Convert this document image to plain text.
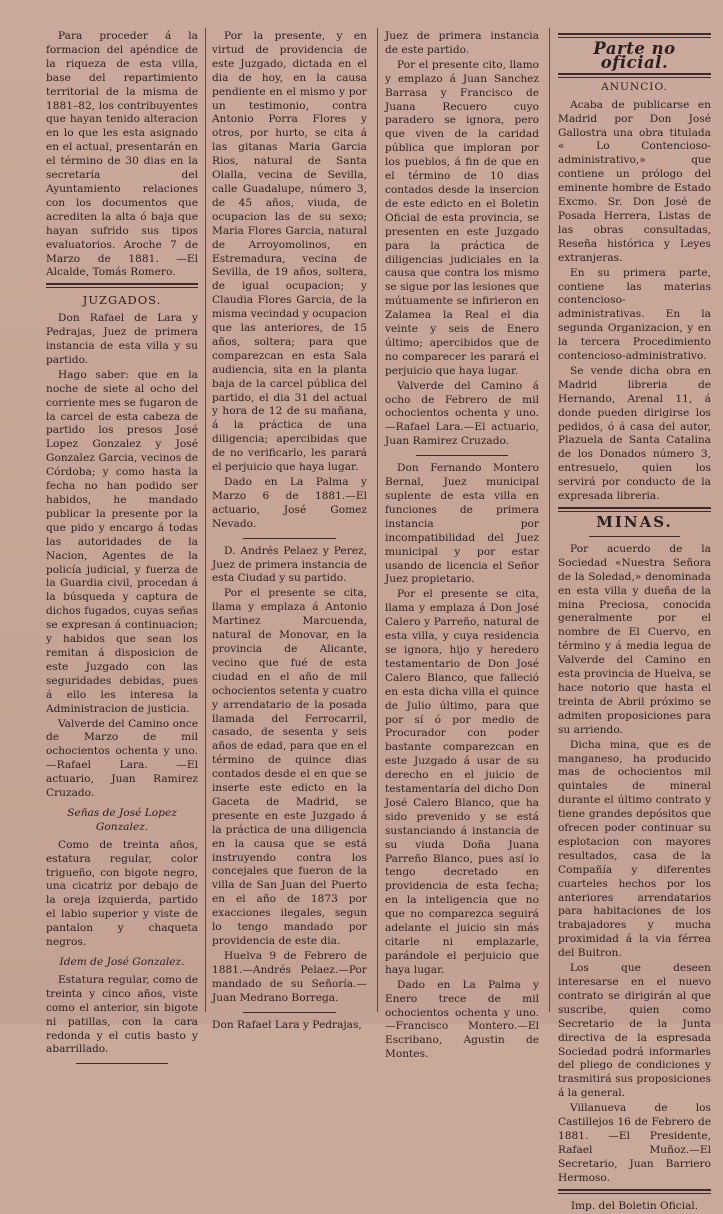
Para proceder á la formacion del apéndice de la riqueza de esta villa, base del repartimiento territorial de la misma de 1881–82, los contribuyentes que hayan tenido alteracion en lo que les esta asignado en el actual, presentarán en el término de 30 dias en la secretaría del Ayuntamiento relaciones con los documentos que acrediten la alta ó baja que hayan sufrido sus tipos evaluatorios. Aroche 7 de Marzo de 1881. —El Alcalde, Tomás Romero.

JUZGADOS.

Don Rafael de Lara y Pedrajas, Juez de primera instancia de esta villa y su partido.

Hago saber: que en la noche de siete al ocho del corriente mes se fugaron de la carcel de esta cabeza de partido los presos José Lopez Gonzalez y José Gonzalez Garcia, vecinos de Córdoba; y como hasta la fecha no han podido ser habidos, he mandado publicar la presente por la que pido y encargo á todas las autoridades de la Nacion, Agentes de la policía judicial, y fuerza de la Guardia civil, procedan á la búsqueda y captura de dichos fugados, cuyas señas se expresan á continuacion; y habidos que sean los remitan á disposicion de este Juzgado con las seguridades debidas, pues á ello les interesa la Administracion de justicia.

Valverde del Camino once de Marzo de mil ochocientos ochenta y uno.—Rafael Lara. —El actuario, Juan Ramirez Cruzado.

Señas de José Lopez Gonzalez.

Como de treinta años, estatura regular, color trigueño, con bigote negro, una cicatriz por debajo de la oreja izquierda, partido el labio superior y viste de pantalon y chaqueta negros.

Idem de José Gonzalez.

Estatura regular, como de treinta y cinco años, viste como el anterior, sin bigote ni patillas, con la cara redonda y el cutis basto y abarrillado.

Por la presente, y en virtud de providencia de este Juzgado, dictada en el dia de hoy, en la causa pendiente en el mismo y por un testimonio, contra Antonio Porra Flores y otros, por hurto, se cita á las gitanas Maria Garcia Rios, natural de Santa Olalla, vecina de Sevilla, calle Guadalupe, número 3, de 45 años, viuda, de ocupacion las de su sexo; Maria Flores Garcia, natural de Arroyomolinos, en Estremadura, vecina de Sevilla, de 19 años, soltera, de igual ocupacion; y Claudia Flores Garcia, de la misma vecindad y ocupacion que las anteriores, de 15 años, soltera; para que comparezcan en esta Sala audiencia, sita en la planta baja de la carcel pública del partido, el dia 31 del actual y hora de 12 de su mañana, á la práctica de una diligencia; apercibidas que de no verificarlo, les parará el perjuicio que haya lugar.

Dado en La Palma y Marzo 6 de 1881.—El actuario, José Gomez Nevado.

D. Andrés Pelaez y Perez, Juez de primera instancia de esta Ciudad y su partido.

Por el presente se cita, llama y emplaza á Antonio Martinez Marcuenda, natural de Monovar, en la provincia de Alicante, vecino que fué de esta ciudad en el año de mil ochocientos setenta y cuatro y arrendatario de la posada llamada del Ferrocarril, casado, de sesenta y seis años de edad, para que en el término de quince dias contados desde el en que se inserte este edicto en la Gaceta de Madrid, se presente en este Juzgado á la práctica de una diligencia en la causa que se está instruyendo contra los concejales que fueron de la villa de San Juan del Puerto en el año de 1873 por exacciones ilegales, segun lo tengo mandado por providencia de este dia.

Huelva 9 de Febrero de 1881.—Andrés Pelaez.—Por mandado de su Señoría.—Juan Medrano Borrega.

Don Rafael Lara y Pedrajas,

Juez de primera instancia de este partido.

Por el presente cito, llamo y emplazo á Juan Sanchez Barrasa y Francisco de Juana Recuero cuyo paradero se ignora, pero que viven de la caridad pública que imploran por los pueblos, á fin de que en el término de 10 dias contados desde la insercion de este edicto en el Boletin Oficial de esta provincia, se presenten en este Juzgado para la práctica de diligencias judiciales en la causa que contra los mismo se sigue por las lesiones que mútuamente se infirieron en Zalamea la Real el dia veinte y seis de Enero último; apercibidos que de no comparecer les parará el perjuicio que haya lugar.

Valverde del Camino á ocho de Febrero de mil ochocientos ochenta y uno.—Rafael Lara.—El actuario, Juan Ramirez Cruzado.

Don Fernando Montero Bernal, Juez municipal suplente de esta villa en funciones de primera instancia por incompatibilidad del Juez municipal y por estar usando de licencia el Señor Juez propietario.

Por el presente se cita, llama y emplaza á Don José Calero y Parreño, natural de esta villa, y cuya residencia se ignora, hijo y heredero testamentario de Don José Calero Blanco, que falleció en esta dicha villa el quince de Julio último, para que por sí ó por medio de Procurador con poder bastante comparezcan en este Juzgado á usar de su derecho en el juicio de testamentaría del dicho Don José Calero Blanco, que ha sido prevenido y se está sustanciando á instancia de su viuda Doña Juana Parreño Blanco, pues así lo tengo decretado en providencia de esta fecha; en la inteligencia que no que no comparezca seguirá adelante el juicio sin más citarle ni emplazarle, parándole el perjuicio que haya lugar.

Dado en La Palma y Enero trece de mil ochocientos ochenta y uno.—Francisco Montero.—El Escribano, Agustin de Montes.

Parte no oficial.
ANUNCIO.

Acaba de publicarse en Madrid por Don José Gallostra una obra titulada « Lo Contencioso-administrativo,» que contiene un prólogo del eminente hombre de Estado Excmo. Sr. Don José de Posada Herrera, Listas de las obras consultadas, Reseña histórica y Leyes extranjeras.

En su primera parte, contiene las materias contencioso-administrativas. En la segunda Organizacion, y en la tercera Procedimiento contencioso-administrativo.

Se vende dicha obra en Madrid libreria de Hernando, Arenal 11, á donde pueden dirigirse los pedidos, ó á casa del autor, Plazuela de Santa Catalina de los Donados número 3, entresuelo, quien los servirá por conducto de la expresada libreria.

MINAS.

Por acuerdo de la Sociedad «Nuestra Señora de la Soledad,» denominada en esta villa y dueña de la mina Preciosa, conocida generalmente por el nombre de El Cuervo, en término y á media legua de Valverde del Camino en esta provincia de Huelva, se hace notorio que hasta el treinta de Abril próximo se admiten proposiciones para su arriendo.

Dicha mina, que es de manganeso, ha producido mas de ochocientos mil quintales de mineral durante el último contrato y tiene grandes depósitos que ofrecen poder continuar su esplotacion con mayores resultados, casa de la Compañía y diferentes cuarteles hechos por los anteriores arrendatarios para habitaciones de los trabajadores y mucha proximidad á la via férrea del Buitron.

Los que deseen interesarse en el nuevo contrato se dirigirán al que suscribe, quien como Secretario de la Junta directiva de la espresada Sociedad podrá informarles del pliego de condiciones y trasmitirá sus proposiciones á la general.

Villanueva de los Castillejos 16 de Febrero de 1881. —El Presidente, Rafael Muñoz.—El Secretario, Juan Barriero Hermoso.

Imp. del Boletin Oficial.
